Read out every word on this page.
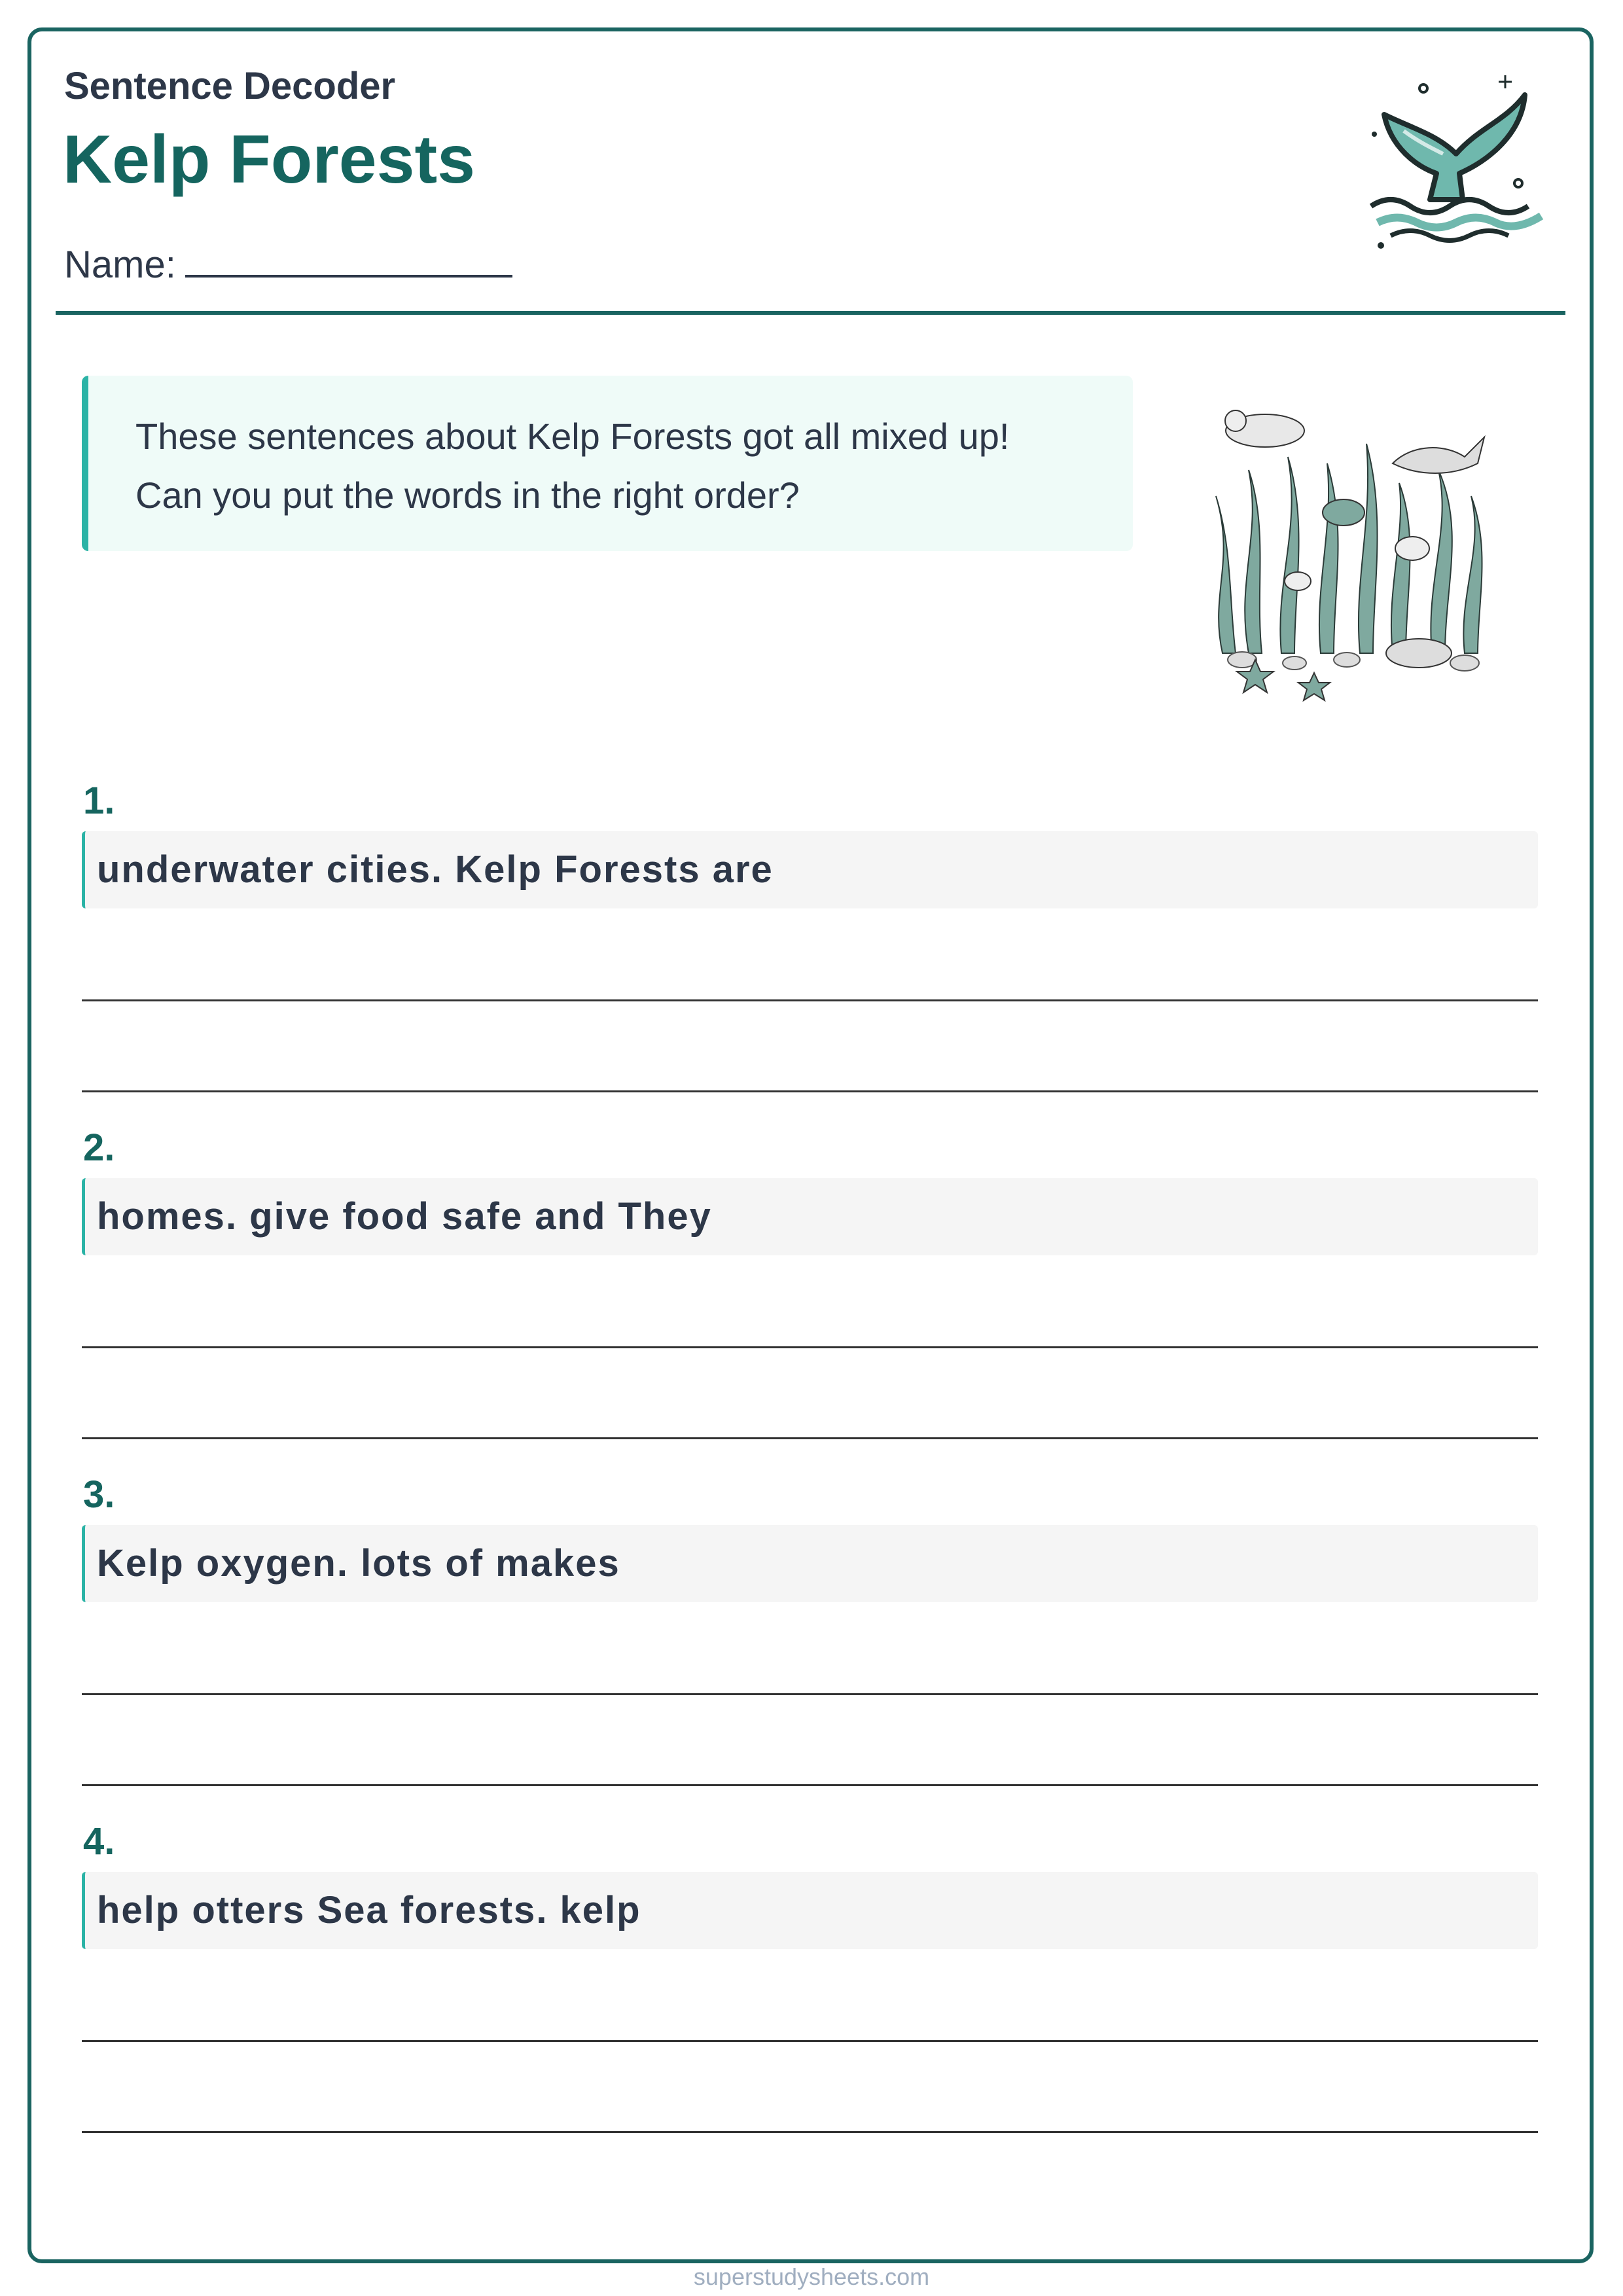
Sentence Decoder
Kelp Forests
Name:
These sentences about Kelp Forests got all mixed up!
Can you put the words in the right order?
1.
underwater cities. Kelp Forests are
2.
homes. give food safe and They
3.
Kelp oxygen. lots of makes
4.
help otters Sea forests. kelp
superstudysheets.com
